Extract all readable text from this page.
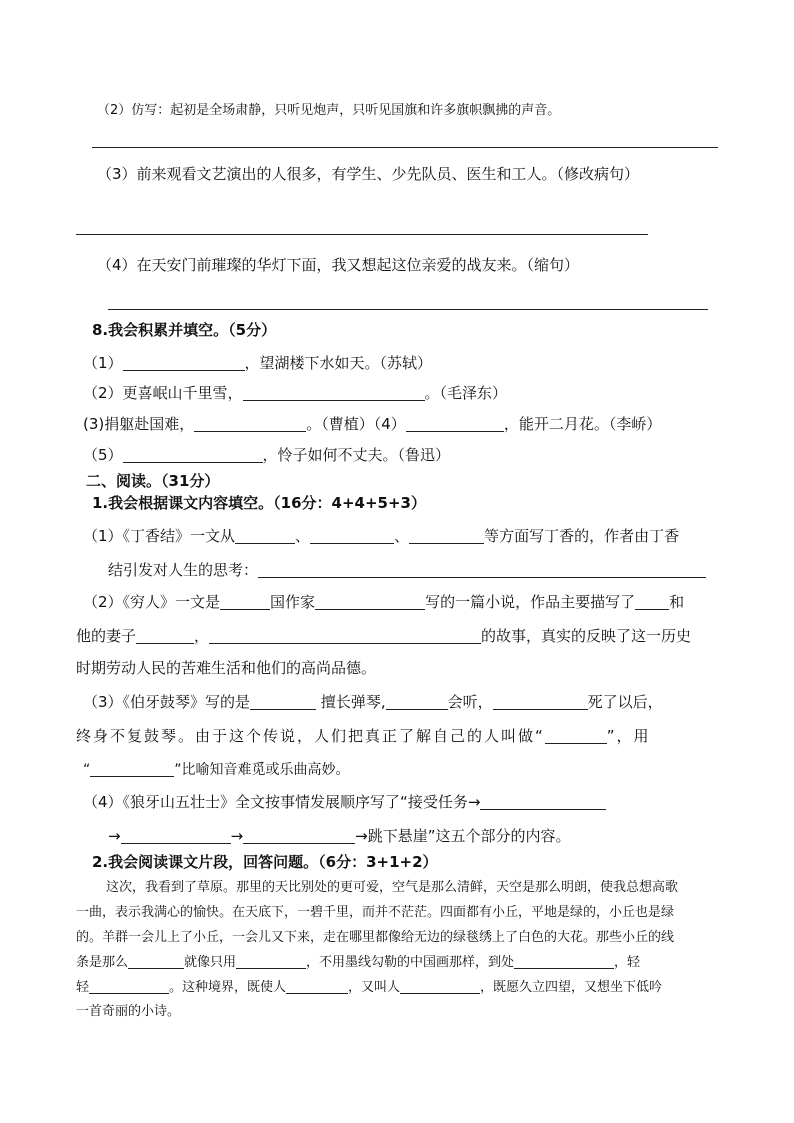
（2）仿写：起初是全场肃静，只听见炮声，只听见国旗和许多旗帜飘拂的声音。
（3）前来观看文艺演出的人很多，有学生、少先队员、医生和工人。（修改病句）
（4）在天安门前璀璨的华灯下面，我又想起这位亲爱的战友来。（缩句）
8.我会积累并填空。（5分）
（1）	，望湖楼下水如天。（苏轼）
（2）更喜岷山千里雪，	。（毛泽东）
(3)捐躯赴国难，	。（曹植）（4）	，能开二月花。（李峤）
（5）	，怜子如何不丈夫。（鲁迅）
二、阅读。（31分）
1.我会根据课文内容填空。（16分：4+4+5+3）
（1）《丁香结》一文从	、	、	等方面写丁香的，作者由丁香
结引发对人生的思考：
（2）《穷人》一文是	国作家	写的一篇小说，作品主要描写了 和
他的妻子	，	的故事，真实的反映了这一历史
时期劳动人民的苦难生活和他们的高尚品德。
（3）《伯牙鼓琴》写的是	擅长弹琴,	会听，	死了以后，
终身不复鼓琴。由于这个传说，人们把真正了解自己的人叫做“	”，用
“	”比喻知音难觅或乐曲高妙。
（4）《狼牙山五壮士》全文按事情发展顺序写了“接受任务→
→	→	→跳下悬崖”这五个部分的内容。
2.我会阅读课文片段，回答问题。（6分：3+1+2）
这次，我看到了草原。那里的天比别处的更可爱，空气是那么清鲜，天空是那么明朗，使我总想高歌
一曲，表示我满心的愉快。在天底下，一碧千里，而并不茫茫。四面都有小丘，平地是绿的，小丘也是绿
的。羊群一会儿上了小丘，一会儿又下来，走在哪里都像给无边的绿毯绣上了白色的大花。那些小丘的线
条是那么	就像只用	，不用墨线勾勒的中国画那样，到处	，轻
轻	。这种境界，既使人	，又叫人	，既愿久立四望，又想坐下低吟
一首奇丽的小诗。
